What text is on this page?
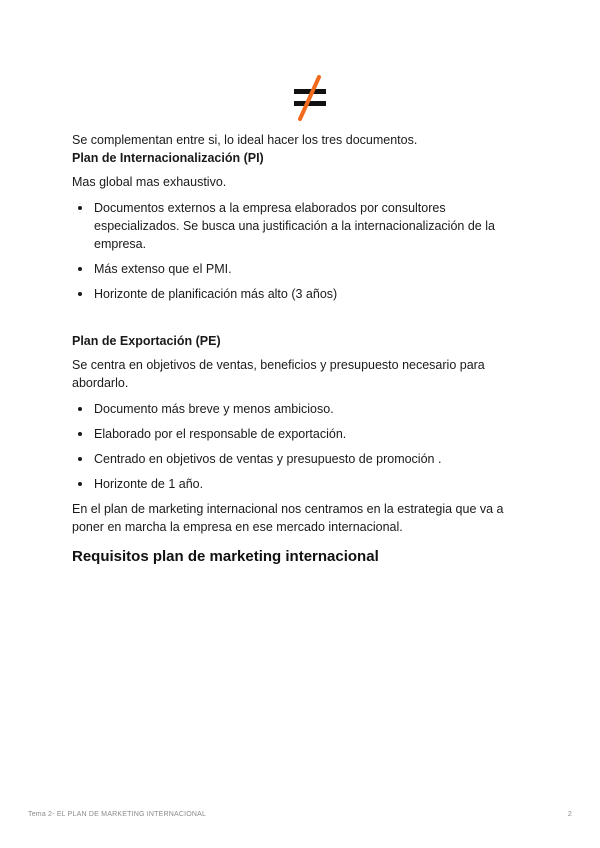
Se complementan entre si, lo ideal hacer los tres documentos.

Plan de Internacionalización (PI)

Mas global mas exhaustivo.

Documentos externos a la empresa elaborados por consultores especializados. Se busca una justificación a la internacionalización de la empresa.
Más extenso que el PMI.
Horizonte de planificación más alto (3 años)

Plan de Exportación (PE)

Se centra en objetivos de ventas, beneficios y presupuesto necesario para abordarlo.

Documento más breve y menos ambicioso.
Elaborado por el responsable de exportación.
Centrado en objetivos de ventas y presupuesto de promoción .
Horizonte de 1 año.

En el plan de marketing internacional nos centramos en la estrategia que va a poner en marcha la empresa en ese mercado internacional.

Requisitos plan de marketing internacional

Tema 2- EL PLAN DE MARKETING INTERNACIONAL	2
